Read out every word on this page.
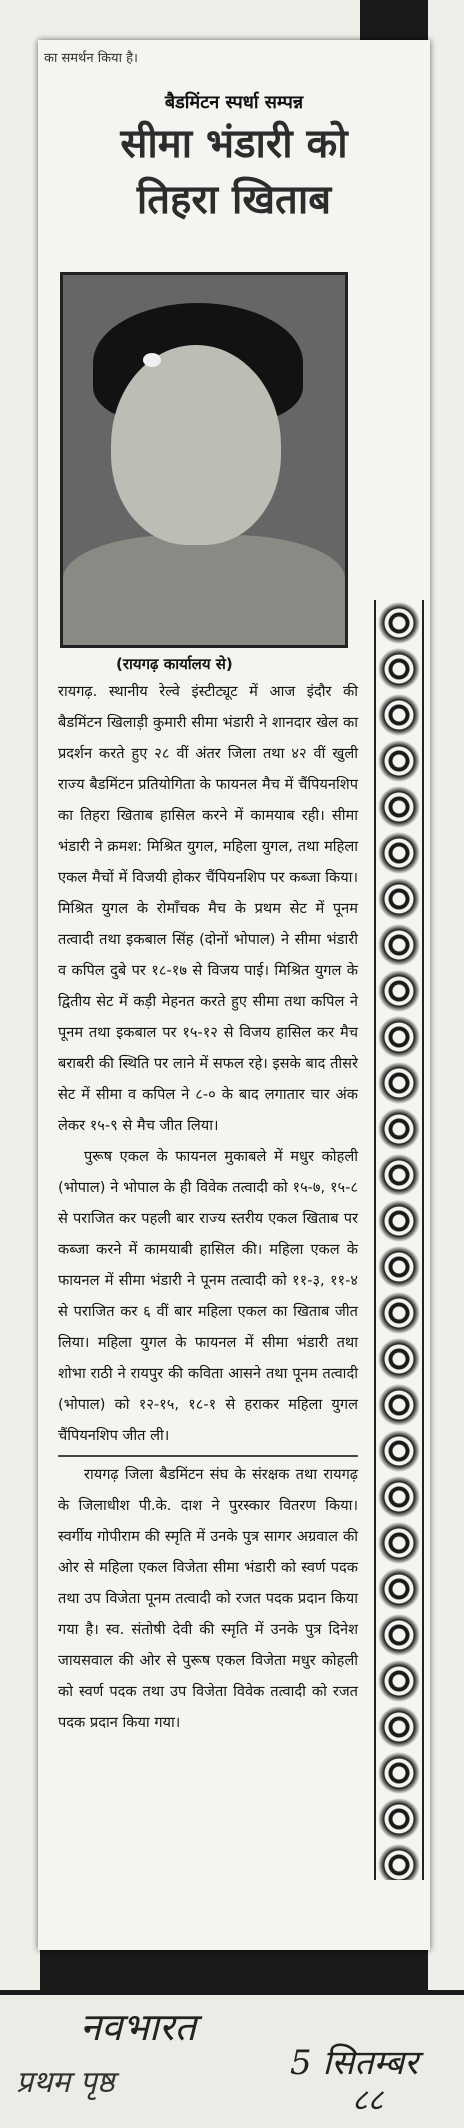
का समर्थन किया है।
बैडमिंटन स्पर्धा सम्पन्न
सीमा भंडारी को
तिहरा खिताब
(रायगढ़ कार्यालय से)

रायगढ़. स्थानीय रेल्वे इंस्टीट्यूट में आज इंदौर की बैडमिंटन खिलाड़ी कुमारी सीमा भंडारी ने शानदार खेल का प्रदर्शन करते हुए २८ वीं अंतर जिला तथा ४२ वीं खुली राज्य बैडमिंटन प्रतियोगिता के फायनल मैच में चैंपियनशिप का तिहरा खिताब हासिल करने में कामयाब रही। सीमा भंडारी ने क्रमश: मिश्रित युगल, महिला युगल, तथा महिला एकल मैचों में विजयी होकर चैंपियनशिप पर कब्जा किया। मिश्रित युगल के रोमाँचक मैच के प्रथम सेट में पूनम तत्वादी तथा इकबाल सिंह (दोनों भोपाल) ने सीमा भंडारी व कपिल दुबे पर १८-१७ से विजय पाई। मिश्रित युगल के द्वितीय सेट में कड़ी मेहनत करते हुए सीमा तथा कपिल ने पूनम तथा इकबाल पर १५-१२ से विजय हासिल कर मैच बराबरी की स्थिति पर लाने में सफल रहे। इसके बाद तीसरे सेट में सीमा व कपिल ने ८-० के बाद लगातार चार अंक लेकर १५-९ से मैच जीत लिया।

पुरूष एकल के फायनल मुकाबले में मधुर कोहली (भोपाल) ने भोपाल के ही विवेक तत्वादी को १५-७, १५-८ से पराजित कर पहली बार राज्य स्तरीय एकल खिताब पर कब्जा करने में कामयाबी हासिल की। महिला एकल के फायनल में सीमा भंडारी ने पूनम तत्वादी को ११-३, ११-४ से पराजित कर ६ वीं बार महिला एकल का खिताब जीत लिया। महिला युगल के फायनल में सीमा भंडारी तथा शोभा राठी ने रायपुर की कविता आसने तथा पूनम तत्वादी (भोपाल) को १२-१५, १८-१ से हराकर महिला युगल चैंपियनशिप जीत ली।

रायगढ़ जिला बैडमिंटन संघ के संरक्षक तथा रायगढ़ के जिलाधीश पी.के. दाश ने पुरस्कार वितरण किया। स्वर्गीय गोपीराम की स्मृति में उनके पुत्र सागर अग्रवाल की ओर से महिला एकल विजेता सीमा भंडारी को स्वर्ण पदक तथा उप विजेता पूनम तत्वादी को रजत पदक प्रदान किया गया है। स्व. संतोषी देवी की स्मृति में उनके पुत्र दिनेश जायसवाल की ओर से पुरूष एकल विजेता मधुर कोहली को स्वर्ण पदक तथा उप विजेता विवेक तत्वादी को रजत पदक प्रदान किया गया।

नवभारत
प्रथम पृष्ठ	5 सितम्बर
८८
